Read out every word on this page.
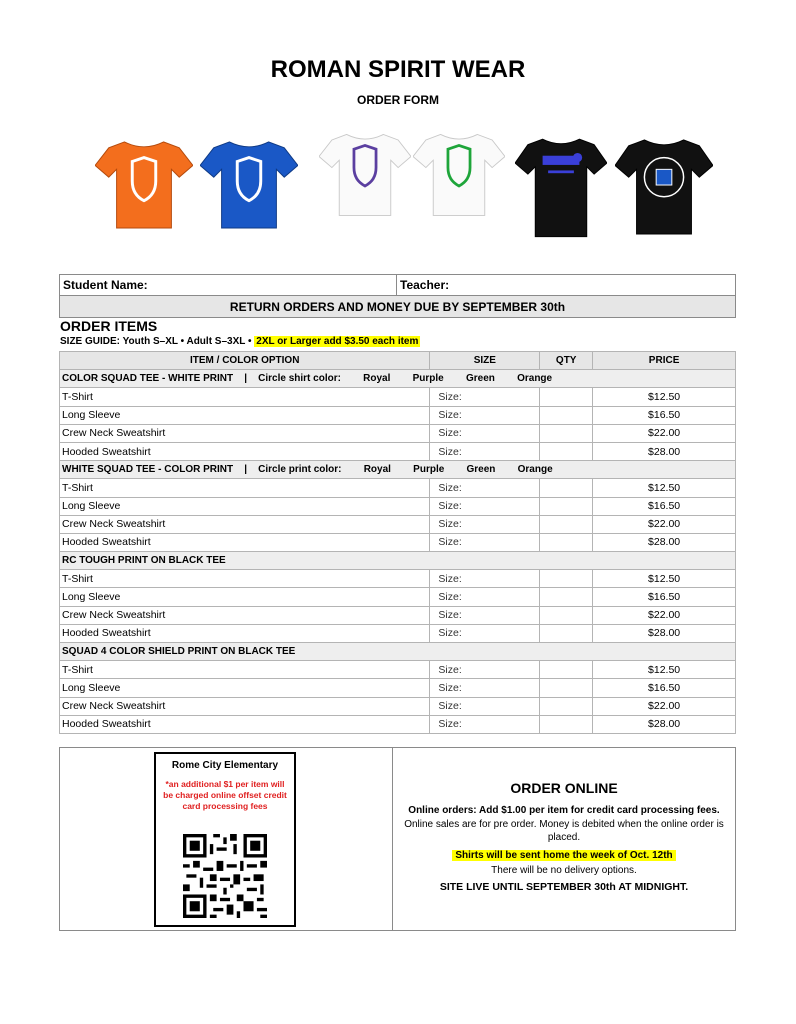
ROMAN SPIRIT WEAR
ORDER FORM
Student Name:	Teacher:
RETURN ORDERS AND MONEY DUE BY SEPTEMBER 30th
ORDER ITEMS
SIZE GUIDE: Youth S–XL • Adult S–3XL • 2XL or Larger add $3.50 each item
ITEM / COLOR OPTION	SIZE	QTY	PRICE
COLOR SQUAD TEE - WHITE PRINT    |    Circle shirt color:        Royal        Purple        Green        Orange			
T-Shirt	Size:		$12.50
Long Sleeve	Size:		$16.50
Crew Neck Sweatshirt	Size:		$22.00
Hooded Sweatshirt	Size:		$28.00
WHITE SQUAD TEE - COLOR PRINT    |    Circle print color:        Royal        Purple        Green        Orange			
T-Shirt	Size:		$12.50
Long Sleeve	Size:		$16.50
Crew Neck Sweatshirt	Size:		$22.00
Hooded Sweatshirt	Size:		$28.00
RC TOUGH PRINT ON BLACK TEE			
T-Shirt	Size:		$12.50
Long Sleeve	Size:		$16.50
Crew Neck Sweatshirt	Size:		$22.00
Hooded Sweatshirt	Size:		$28.00
SQUAD 4 COLOR SHIELD PRINT ON BLACK TEE			
T-Shirt	Size:		$12.50
Long Sleeve	Size:		$16.50
Crew Neck Sweatshirt	Size:		$22.00
Hooded Sweatshirt	Size:		$28.00
Rome City Elementary
*an additional $1 per item will be charged online offset credit card processing fees
ORDER ONLINE
Online orders: Add $1.00 per item for credit card processing fees.
Online sales are for pre order. Money is debited when the online order is placed.
Shirts will be sent home the week of Oct. 12th
There will be no delivery options.
SITE LIVE UNTIL SEPTEMBER 30th AT MIDNIGHT.
